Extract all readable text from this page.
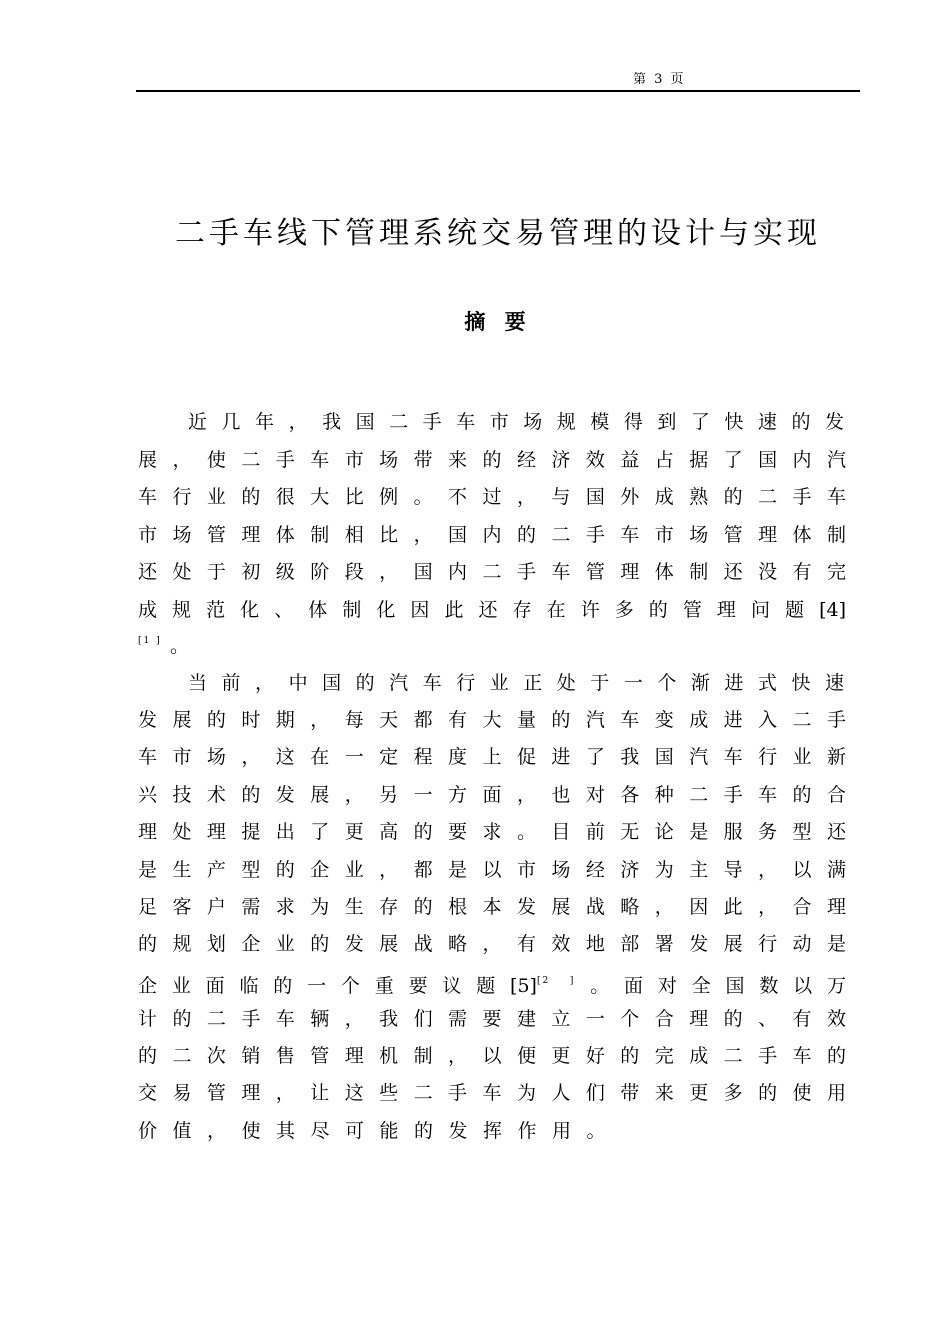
第 3 页
二手车线下管理系统交易管理的设计与实现
摘 要
近几年，我国二手车市场规模得到了快速的发
展，使二手车市场带来的经济效益占据了国内汽
车行业的很大比例。不过，与国外成熟的二手车
市场管理体制相比，国内的二手车市场管理体制
还处于初级阶段，国内二手车管理体制还没有完
成规范化、体制化因此还存在许多的管理问题[4]
[1 ] 。
当前，中国的汽车行业正处于一个渐进式快速
发展的时期，每天都有大量的汽车变成进入二手
车市场，这在一定程度上促进了我国汽车行业新
兴技术的发展，另一方面，也对各种二手车的合
理处理提出了更高的要求。目前无论是服务型还
是生产型的企业，都是以市场经济为主导，以满
足客户需求为生存的根本发展战略，因此，合理
的规划企业的发展战略，有效地部署发展行动是
企业面临的一个重要议题[5][2 ]。面对全国数以万
计的二手车辆，我们需要建立一个合理的、有效
的二次销售管理机制，以便更好的完成二手车的
交易管理，让这些二手车为人们带来更多的使用
价值，使其尽可能的发挥作用。
